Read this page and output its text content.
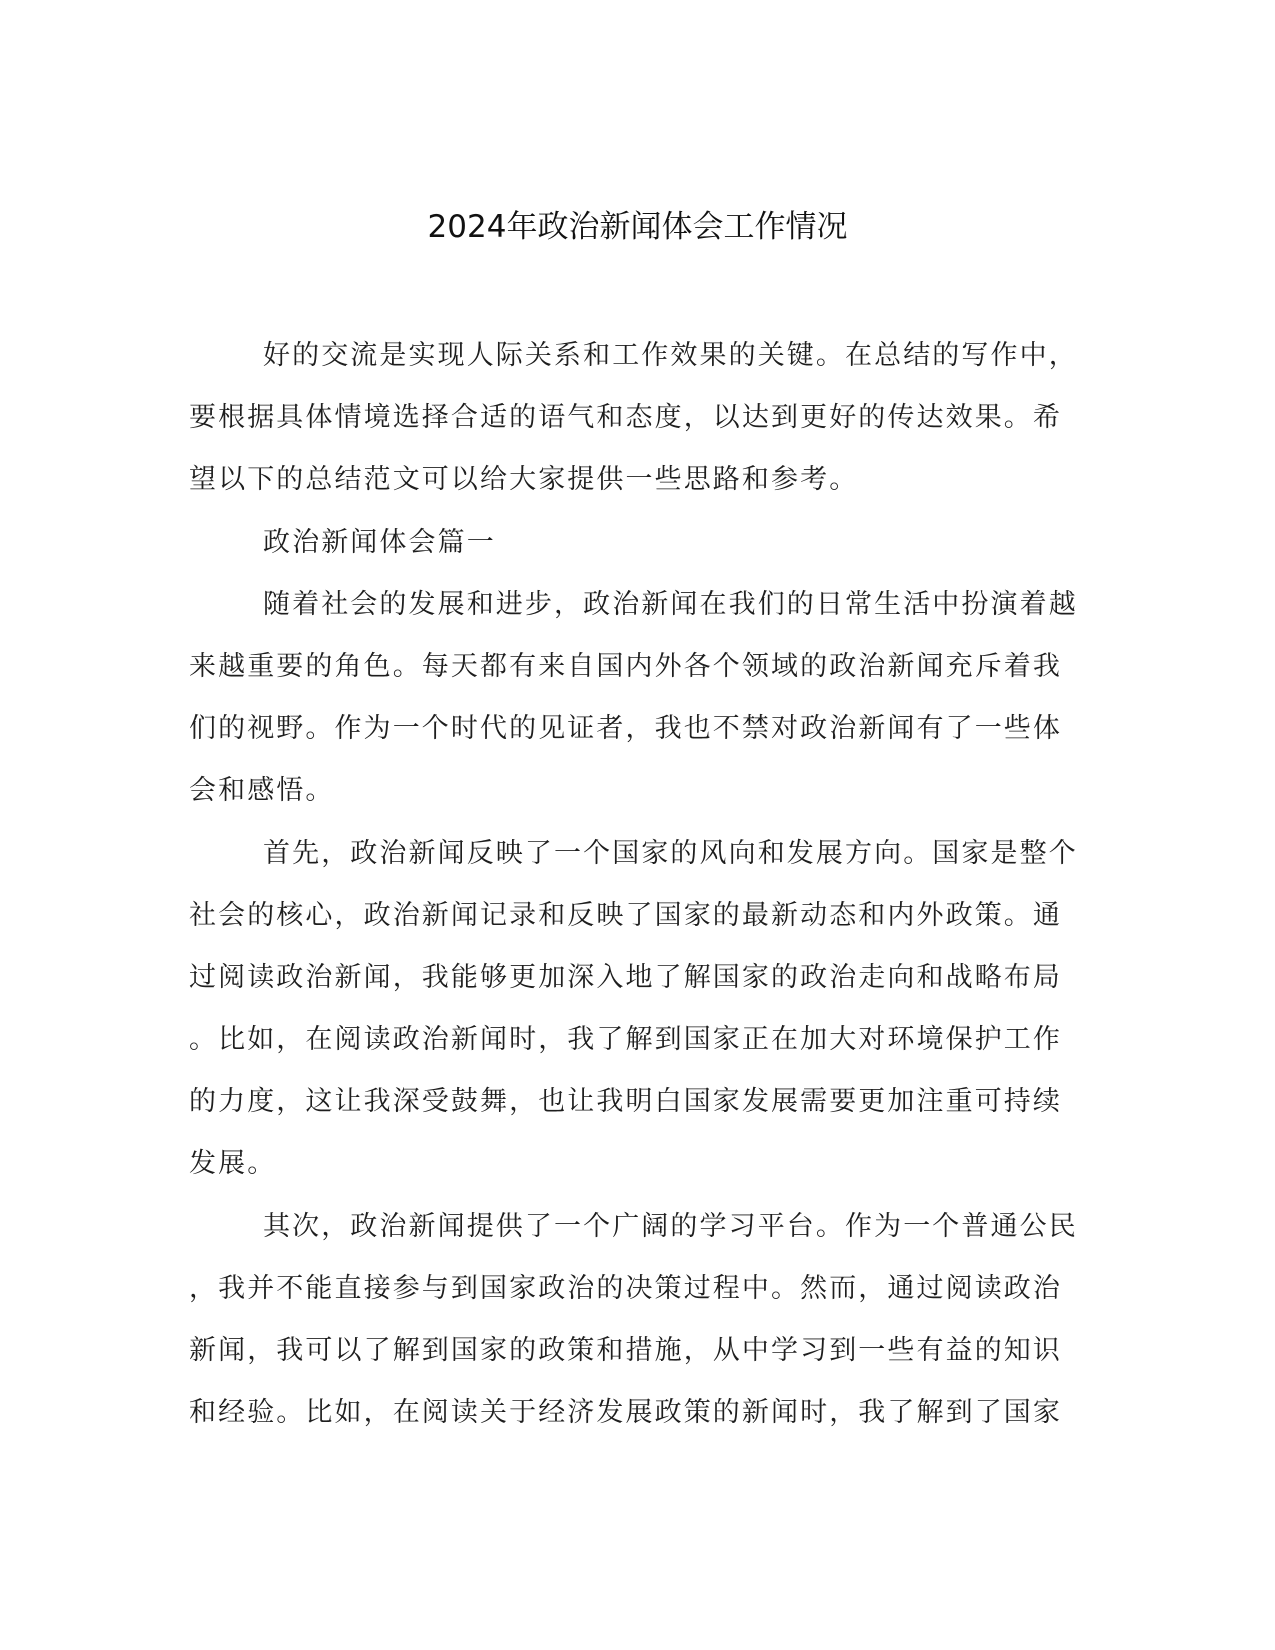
2024年政治新闻体会工作情况
好的交流是实现人际关系和工作效果的关键。在总结的写作中，
要根据具体情境选择合适的语气和态度，以达到更好的传达效果。希
望以下的总结范文可以给大家提供一些思路和参考。
政治新闻体会篇一
随着社会的发展和进步，政治新闻在我们的日常生活中扮演着越
来越重要的角色。每天都有来自国内外各个领域的政治新闻充斥着我
们的视野。作为一个时代的见证者，我也不禁对政治新闻有了一些体
会和感悟。
首先，政治新闻反映了一个国家的风向和发展方向。国家是整个
社会的核心，政治新闻记录和反映了国家的最新动态和内外政策。通
过阅读政治新闻，我能够更加深入地了解国家的政治走向和战略布局
。比如，在阅读政治新闻时，我了解到国家正在加大对环境保护工作
的力度，这让我深受鼓舞，也让我明白国家发展需要更加注重可持续
发展。
其次，政治新闻提供了一个广阔的学习平台。作为一个普通公民
，我并不能直接参与到国家政治的决策过程中。然而，通过阅读政治
新闻，我可以了解到国家的政策和措施，从中学习到一些有益的知识
和经验。比如，在阅读关于经济发展政策的新闻时，我了解到了国家
